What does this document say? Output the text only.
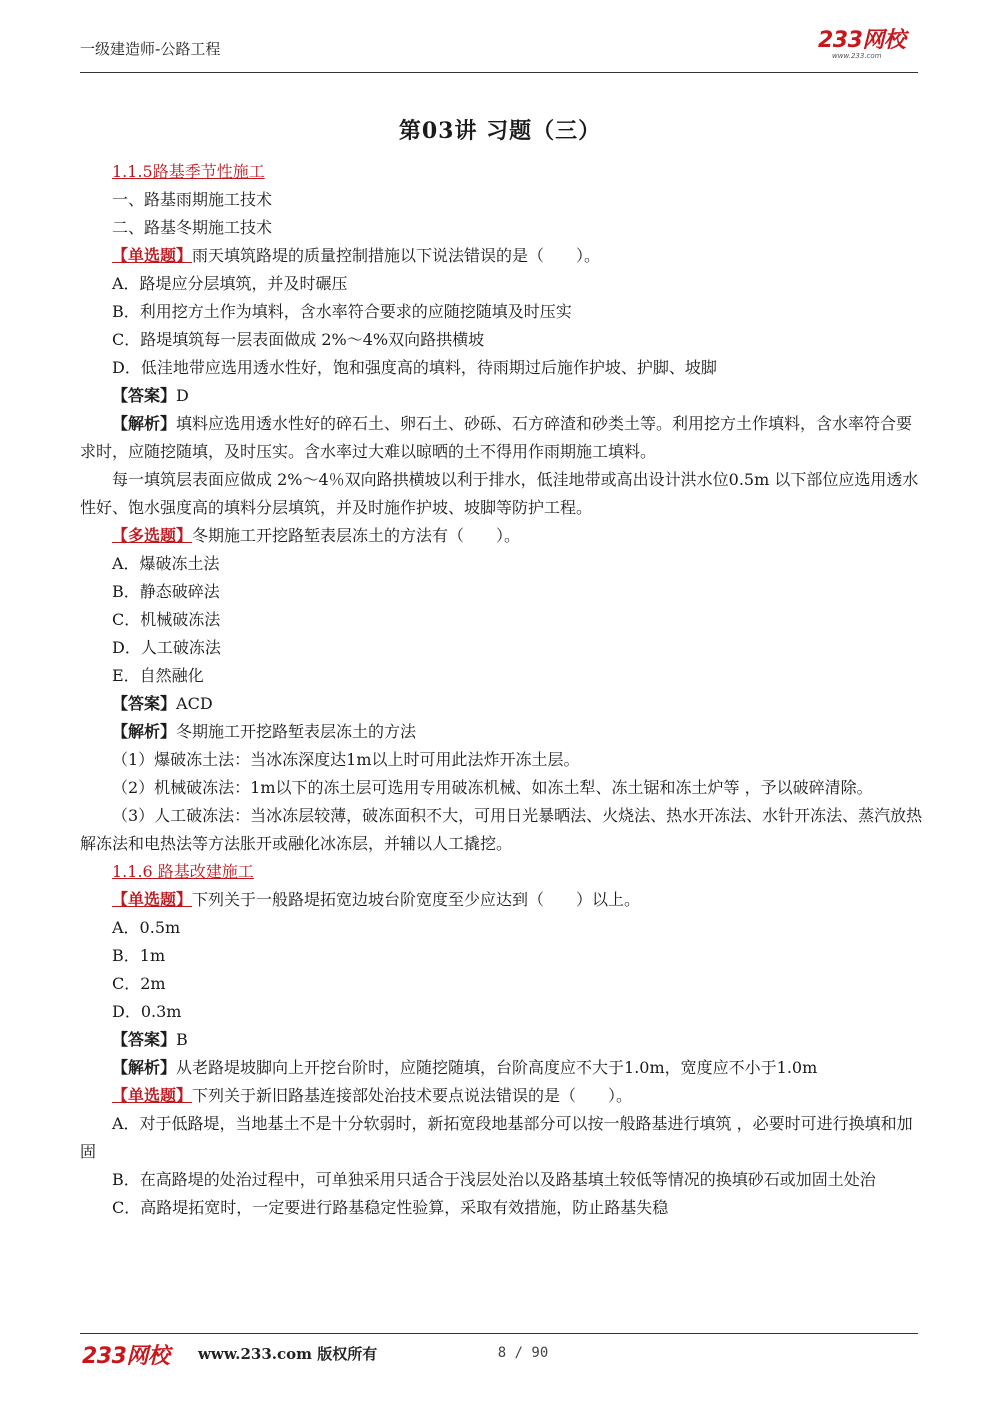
一级建造师-公路工程	233网校
www.233.com
第03讲 习题（三）

1.1.5路基季节性施工

一、路基雨期施工技术

二、路基冬期施工技术

【单选题】雨天填筑路堤的质量控制措施以下说法错误的是（　　）。

A．路堤应分层填筑，并及时碾压

B．利用挖方土作为填料，含水率符合要求的应随挖随填及时压实

C．路堤填筑每一层表面做成 2%～4%双向路拱横坡

D．低洼地带应选用透水性好，饱和强度高的填料，待雨期过后施作护坡、护脚、坡脚

【答案】D

【解析】填料应选用透水性好的碎石土、卵石土、砂砾、石方碎渣和砂类土等。利用挖方土作填料，含水率符合要求时，应随挖随填，及时压实。含水率过大难以晾晒的土不得用作雨期施工填料。

每一填筑层表面应做成 2%～4％双向路拱横坡以利于排水，低洼地带或高出设计洪水位0.5m 以下部位应选用透水性好、饱水强度高的填料分层填筑，并及时施作护坡、坡脚等防护工程。

【多选题】冬期施工开挖路堑表层冻土的方法有（　　）。

A．爆破冻土法

B．静态破碎法

C．机械破冻法

D．人工破冻法

E．自然融化

【答案】ACD

【解析】冬期施工开挖路堑表层冻土的方法

（1）爆破冻土法：当冰冻深度达1m以上时可用此法炸开冻土层。

（2）机械破冻法：1m以下的冻土层可选用专用破冻机械、如冻土犁、冻土锯和冻土炉等 ，予以破碎清除。

（3）人工破冻法：当冰冻层较薄，破冻面积不大，可用日光暴晒法、火烧法、热水开冻法、水针开冻法、蒸汽放热解冻法和电热法等方法胀开或融化冰冻层，并辅以人工撬挖。

1.1.6 路基改建施工

【单选题】下列关于一般路堤拓宽边坡台阶宽度至少应达到（　　）以上。

A．0.5m

B．1m

C．2m

D．0.3m

【答案】B

【解析】从老路堤坡脚向上开挖台阶时，应随挖随填，台阶高度应不大于1.0m，宽度应不小于1.0m

【单选题】下列关于新旧路基连接部处治技术要点说法错误的是（　　）。

A．对于低路堤，当地基土不是十分软弱时，新拓宽段地基部分可以按一般路基进行填筑 ，必要时可进行换填和加固

B．在高路堤的处治过程中，可单独采用只适合于浅层处治以及路基填土较低等情况的换填砂石或加固土处治

C．高路堤拓宽时，一定要进行路基稳定性验算，采取有效措施，防止路基失稳

233网校 www.233.com 版权所有	8 / 90
